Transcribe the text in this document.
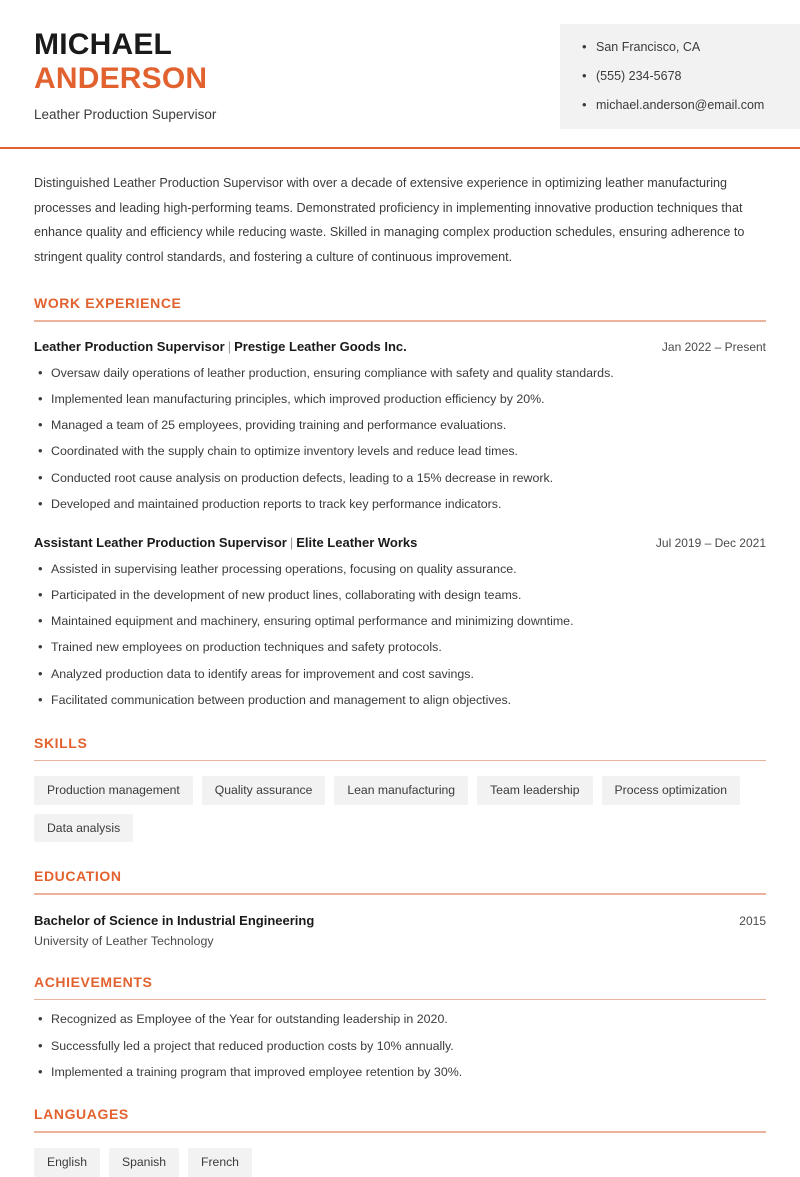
MICHAEL
ANDERSON
Leather Production Supervisor
• San Francisco, CA
• (555) 234-5678
• michael.anderson@email.com

Distinguished Leather Production Supervisor with over a decade of extensive experience in optimizing leather manufacturing processes and leading high-performing teams. Demonstrated proficiency in implementing innovative production techniques that enhance quality and efficiency while reducing waste. Skilled in managing complex production schedules, ensuring adherence to stringent quality control standards, and fostering a culture of continuous improvement.

WORK EXPERIENCE
Leather Production Supervisor | Prestige Leather Goods Inc.	Jan 2022 – Present
• Oversaw daily operations of leather production, ensuring compliance with safety and quality standards.
• Implemented lean manufacturing principles, which improved production efficiency by 20%.
• Managed a team of 25 employees, providing training and performance evaluations.
• Coordinated with the supply chain to optimize inventory levels and reduce lead times.
• Conducted root cause analysis on production defects, leading to a 15% decrease in rework.
• Developed and maintained production reports to track key performance indicators.
Assistant Leather Production Supervisor | Elite Leather Works	Jul 2019 – Dec 2021
• Assisted in supervising leather processing operations, focusing on quality assurance.
• Participated in the development of new product lines, collaborating with design teams.
• Maintained equipment and machinery, ensuring optimal performance and minimizing downtime.
• Trained new employees on production techniques and safety protocols.
• Analyzed production data to identify areas for improvement and cost savings.
• Facilitated communication between production and management to align objectives.
SKILLS
Production management	Quality assurance	Lean manufacturing	Team leadership	Process optimization
Data analysis
EDUCATION
Bachelor of Science in Industrial Engineering	2015
University of Leather Technology
ACHIEVEMENTS
• Recognized as Employee of the Year for outstanding leadership in 2020.
• Successfully led a project that reduced production costs by 10% annually.
• Implemented a training program that improved employee retention by 30%.
LANGUAGES
English	Spanish	French
